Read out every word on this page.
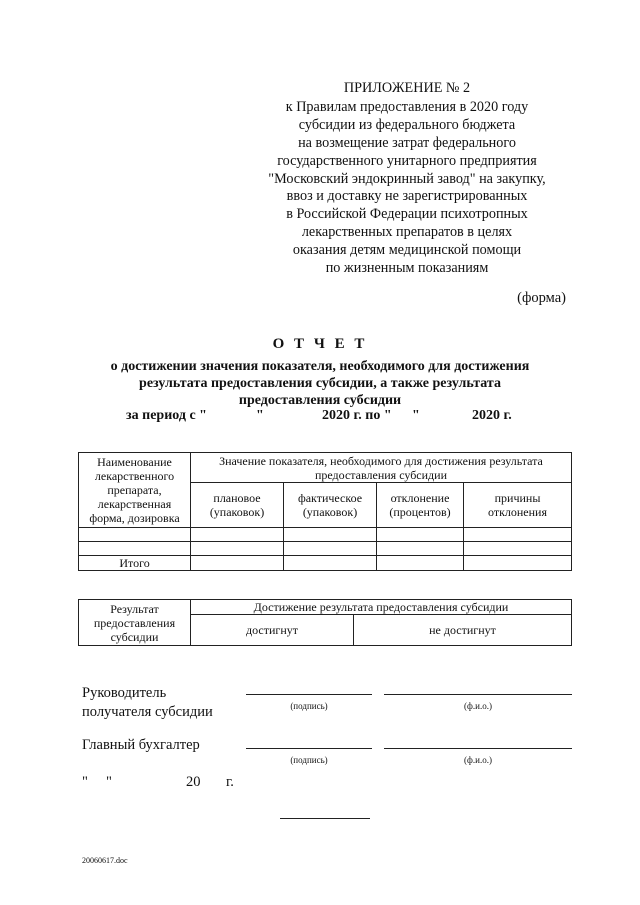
ПРИЛОЖЕНИЕ № 2
к Правилам предоставления в 2020 году
субсидии из федерального бюджета
на возмещение затрат федерального
государственного унитарного предприятия
"Московский эндокринный завод" на закупку,
ввоз и доставку не зарегистрированных
в Российской Федерации психотропных
лекарственных препаратов в целях
оказания детям медицинской помощи
по жизненным показаниям
(форма)
О Т Ч Е Т
о достижении значения показателя, необходимого для достижения
результата предоставления субсидии, а также результата
предоставления субсидии
за период с "	"	2020 г. по " "	2020 г.
Наименование лекарственного препарата, лекарственная форма, дозировка	Значение показателя, необходимого для достижения результата предоставления субсидии			
	плановое (упаковок)	фактическое (упаковок)	отклонение (процентов)	причины отклонения

Итого				
Результат предоставления субсидии	Достижение результата предоставления субсидии	
	достигнут	не достигнут
Руководитель
получателя субсидии	(подпись)	(ф.и.о.)
Главный бухгалтер
(подпись)	(ф.и.о.)
"     "	20 г.
20060617.doc
